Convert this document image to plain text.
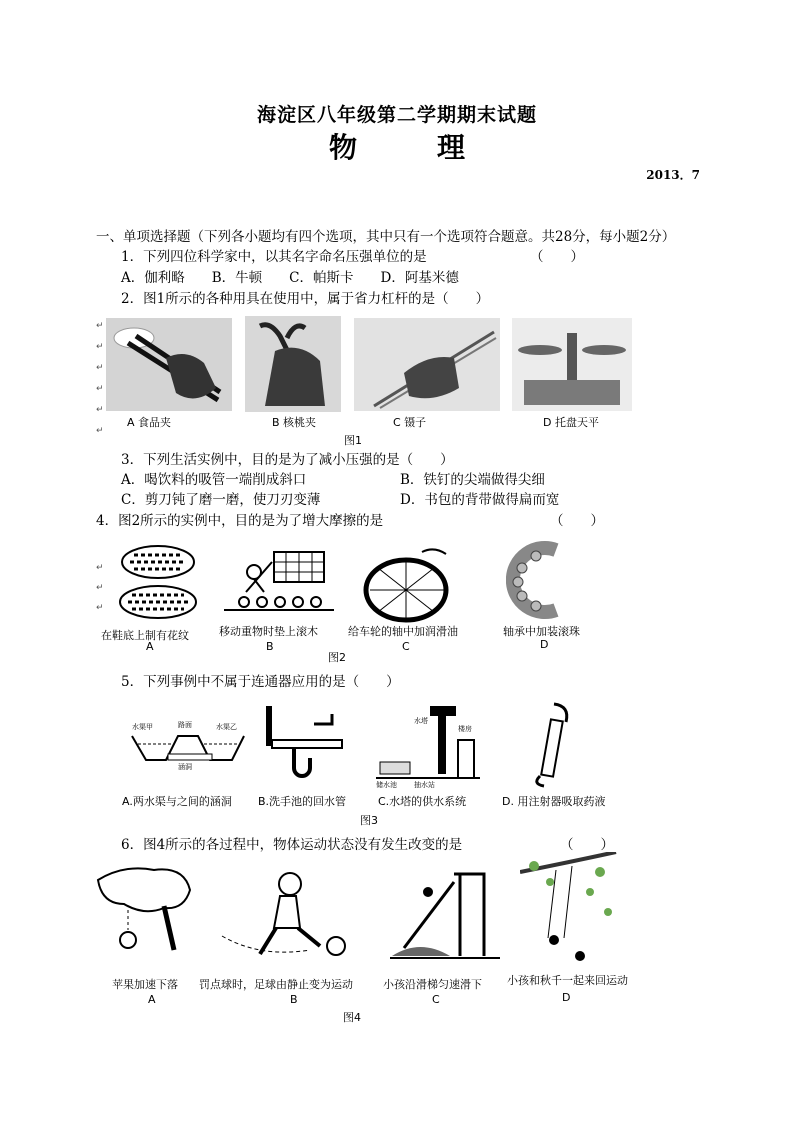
海淀区八年级第二学期期末试题
物　理
2013．7
一、单项选择题（下列各小题均有四个选项，其中只有一个选项符合题意。共28分，每小题2分）
1．下列四位科学家中，以其名字命名压强单位的是	（　　）
A．伽利略　　B．牛顿　　C．帕斯卡　　D．阿基米德
2．图1所示的各种用具在使用中，属于省力杠杆的是（　　）
↵
↵
↵
↵
↵
↵
A 食品夹	B 核桃夹	C 镊子	D 托盘天平
图1
3．下列生活实例中，目的是为了减小压强的是（　　）
A．喝饮料的吸管一端削成斜口	B．铁钉的尖端做得尖细
C．剪刀钝了磨一磨，使刀刃变薄	D．书包的背带做得扁而宽
4．图2所示的实例中，目的是为了增大摩擦的是	（　　）
↵
↵
↵
在鞋底上制有花纹	移动重物时垫上滚木	给车轮的轴中加润滑油	轴承中加装滚珠
A	B	C	D
图2
5．下列事例中不属于连通器应用的是（　　）
水渠甲	路面	水渠乙
涵洞
水塔
楼房
储水池 抽水站
A.两水渠与之间的涵洞 B.洗手池的回水管	C.水塔的供水系统	D. 用注射器吸取药液
图3
6．图4所示的各过程中，物体运动状态没有发生改变的是	（　　）
苹果加速下落 罚点球时，足球由静止变为运动	小孩沿滑梯匀速滑下 小孩和秋千一起来回运动
A	B	C	D
图4
